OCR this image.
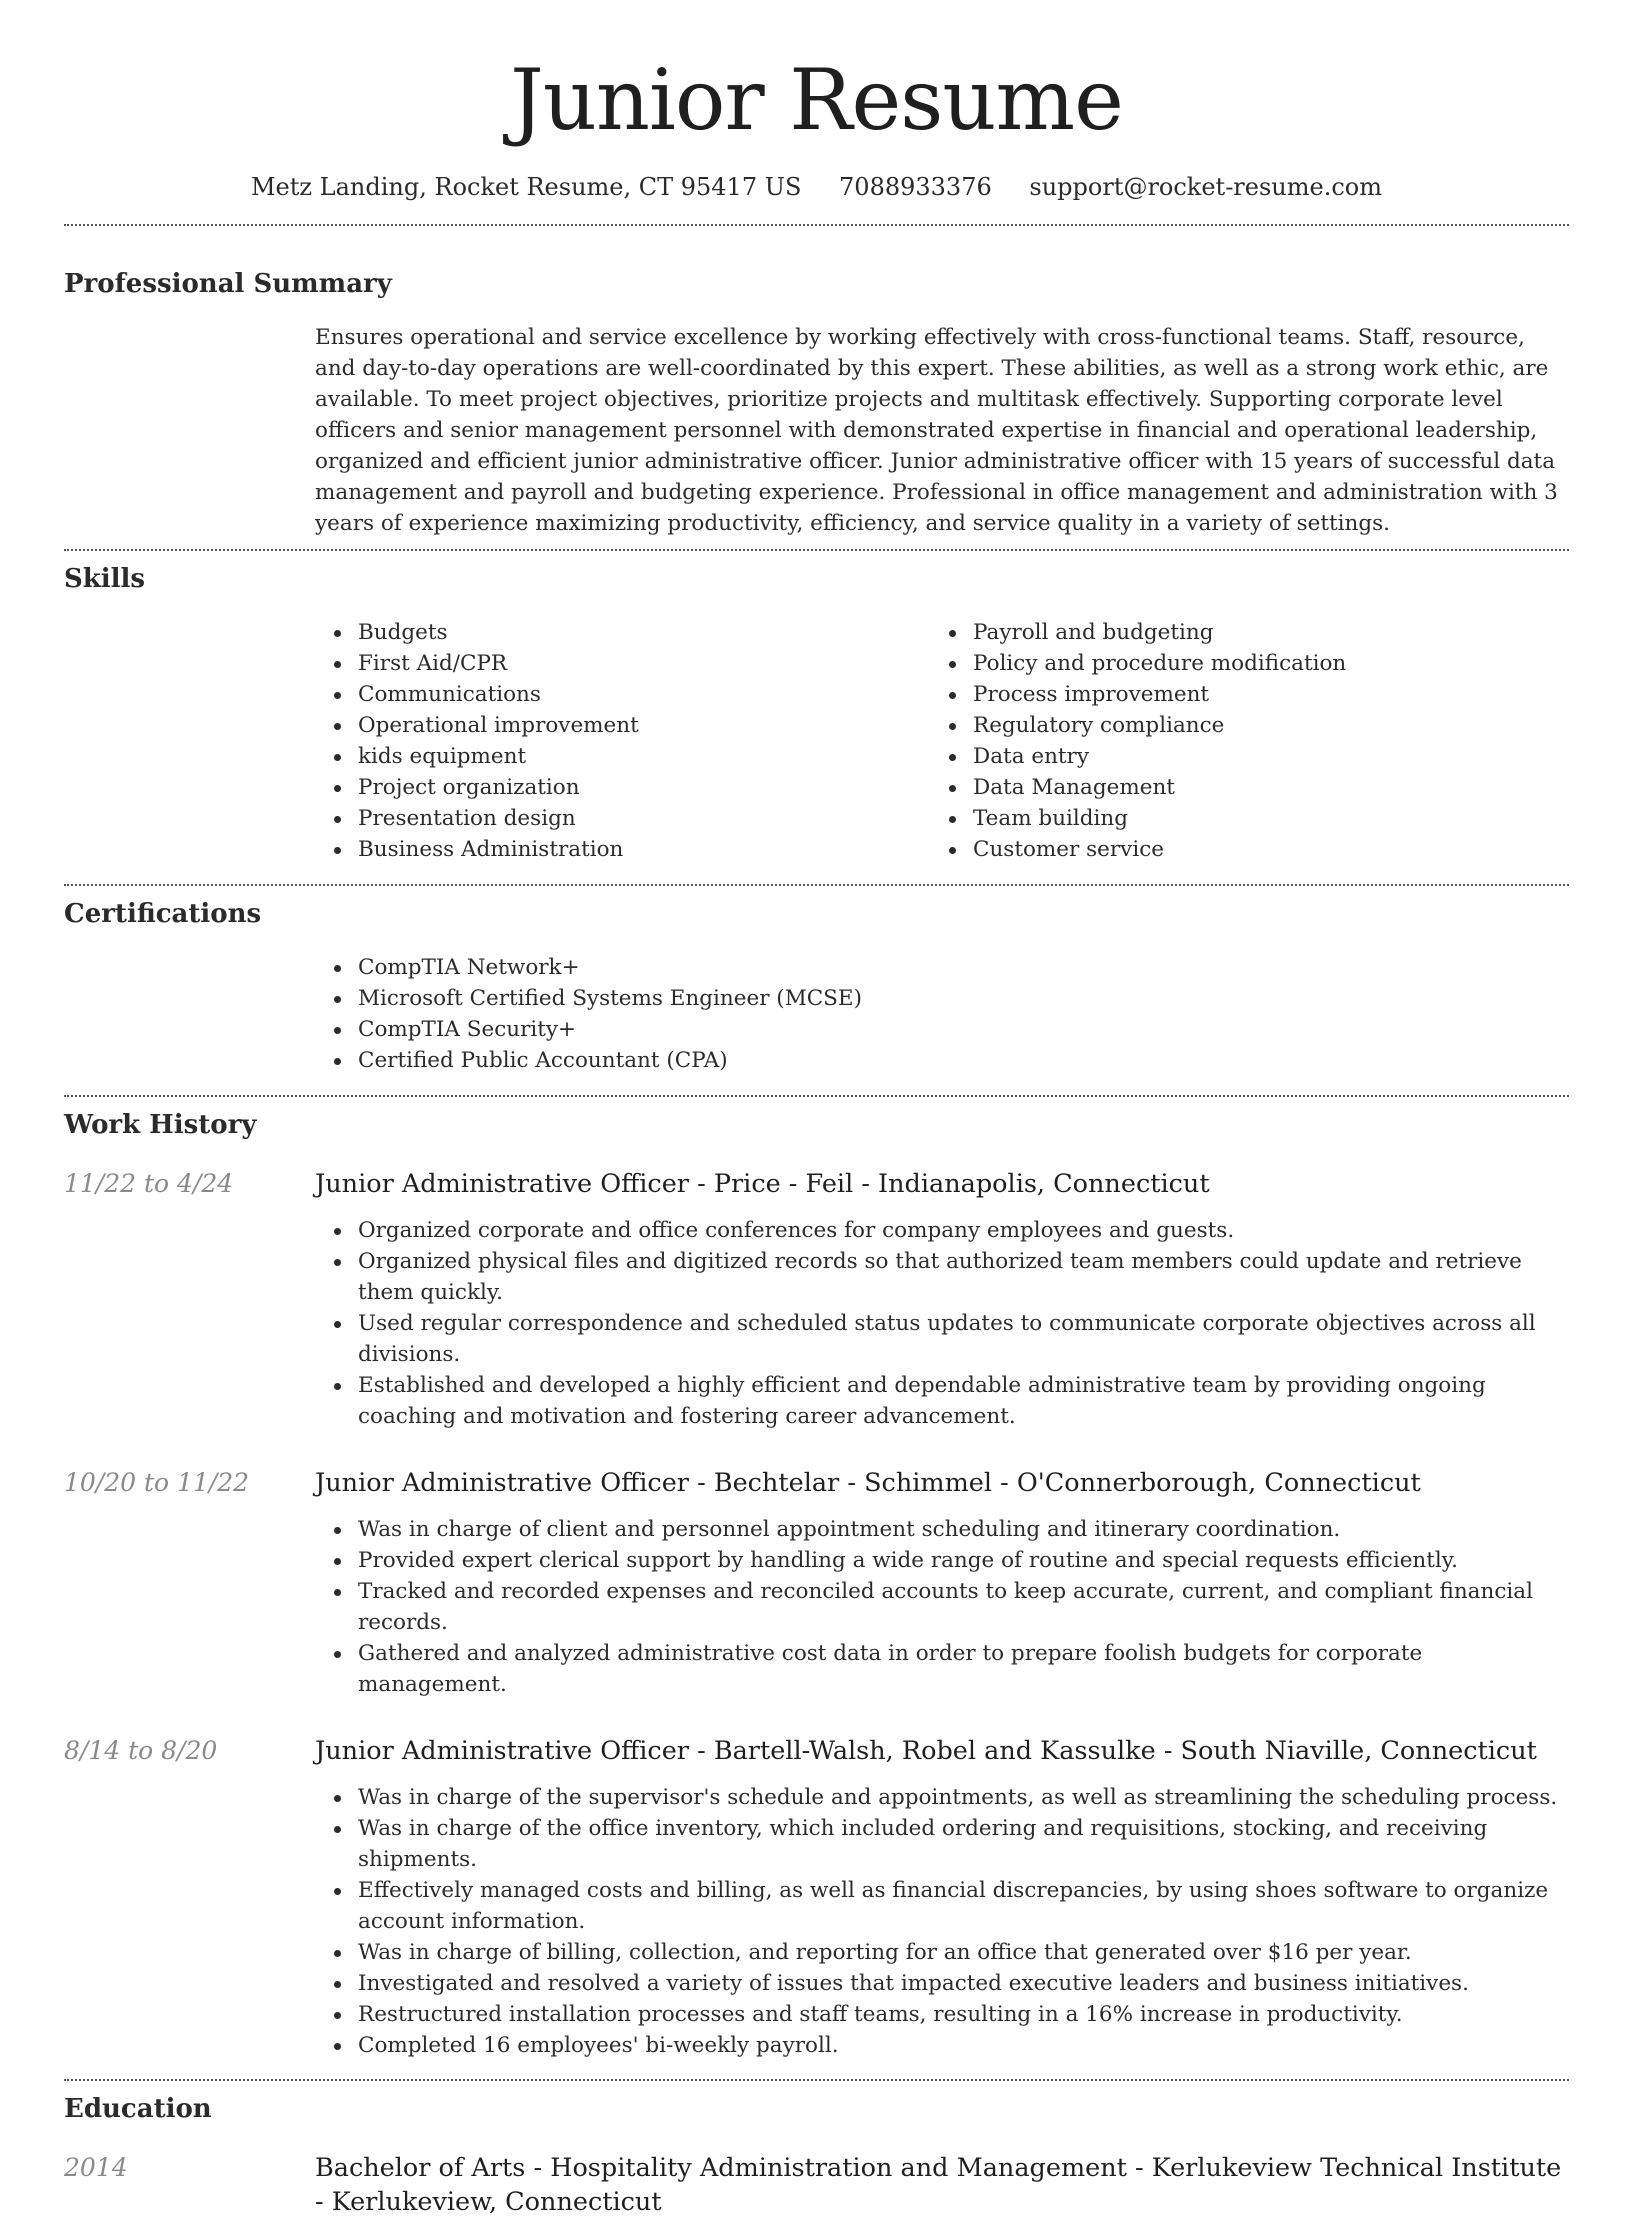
Junior Resume
Metz Landing, Rocket Resume, CT 95417 US 7088933376 support@rocket-resume.com
Professional Summary

Ensures operational and service excellence by working effectively with cross-functional teams. Staff, resource, and day-to-day operations are well-coordinated by this expert. These abilities, as well as a strong work ethic, are available. To meet project objectives, prioritize projects and multitask effectively. Supporting corporate level officers and senior management personnel with demonstrated expertise in financial and operational leadership, organized and efficient junior administrative officer. Junior administrative officer with 15 years of successful data management and payroll and budgeting experience. Professional in office management and administration with 3 years of experience maximizing productivity, efficiency, and service quality in a variety of settings.

Skills
Budgets
First Aid/CPR
Communications
Operational improvement
kids equipment
Project organization
Presentation design
Business Administration
Payroll and budgeting
Policy and procedure modification
Process improvement
Regulatory compliance
Data entry
Data Management
Team building
Customer service
Certifications
CompTIA Network+
Microsoft Certified Systems Engineer (MCSE)
CompTIA Security+
Certified Public Accountant (CPA)
Work History
11/22 to 4/24	Junior Administrative Officer - Price - Feil - Indianapolis, Connecticut
Organized corporate and office conferences for company employees and guests.
Organized physical files and digitized records so that authorized team members could update and retrieve them quickly.
Used regular correspondence and scheduled status updates to communicate corporate objectives across all divisions.
Established and developed a highly efficient and dependable administrative team by providing ongoing coaching and motivation and fostering career advancement.
10/20 to 11/22	Junior Administrative Officer - Bechtelar - Schimmel - O'Connerborough, Connecticut
Was in charge of client and personnel appointment scheduling and itinerary coordination.
Provided expert clerical support by handling a wide range of routine and special requests efficiently.
Tracked and recorded expenses and reconciled accounts to keep accurate, current, and compliant financial records.
Gathered and analyzed administrative cost data in order to prepare foolish budgets for corporate management.
8/14 to 8/20	Junior Administrative Officer - Bartell-Walsh, Robel and Kassulke - South Niaville, Connecticut
Was in charge of the supervisor's schedule and appointments, as well as streamlining the scheduling process.
Was in charge of the office inventory, which included ordering and requisitions, stocking, and receiving shipments.
Effectively managed costs and billing, as well as financial discrepancies, by using shoes software to organize account information.
Was in charge of billing, collection, and reporting for an office that generated over $16 per year.
Investigated and resolved a variety of issues that impacted executive leaders and business initiatives.
Restructured installation processes and staff teams, resulting in a 16% increase in productivity.
Completed 16 employees' bi-weekly payroll.
Education
2014	Bachelor of Arts - Hospitality Administration and Management - Kerlukeview Technical Institute - Kerlukeview, Connecticut
